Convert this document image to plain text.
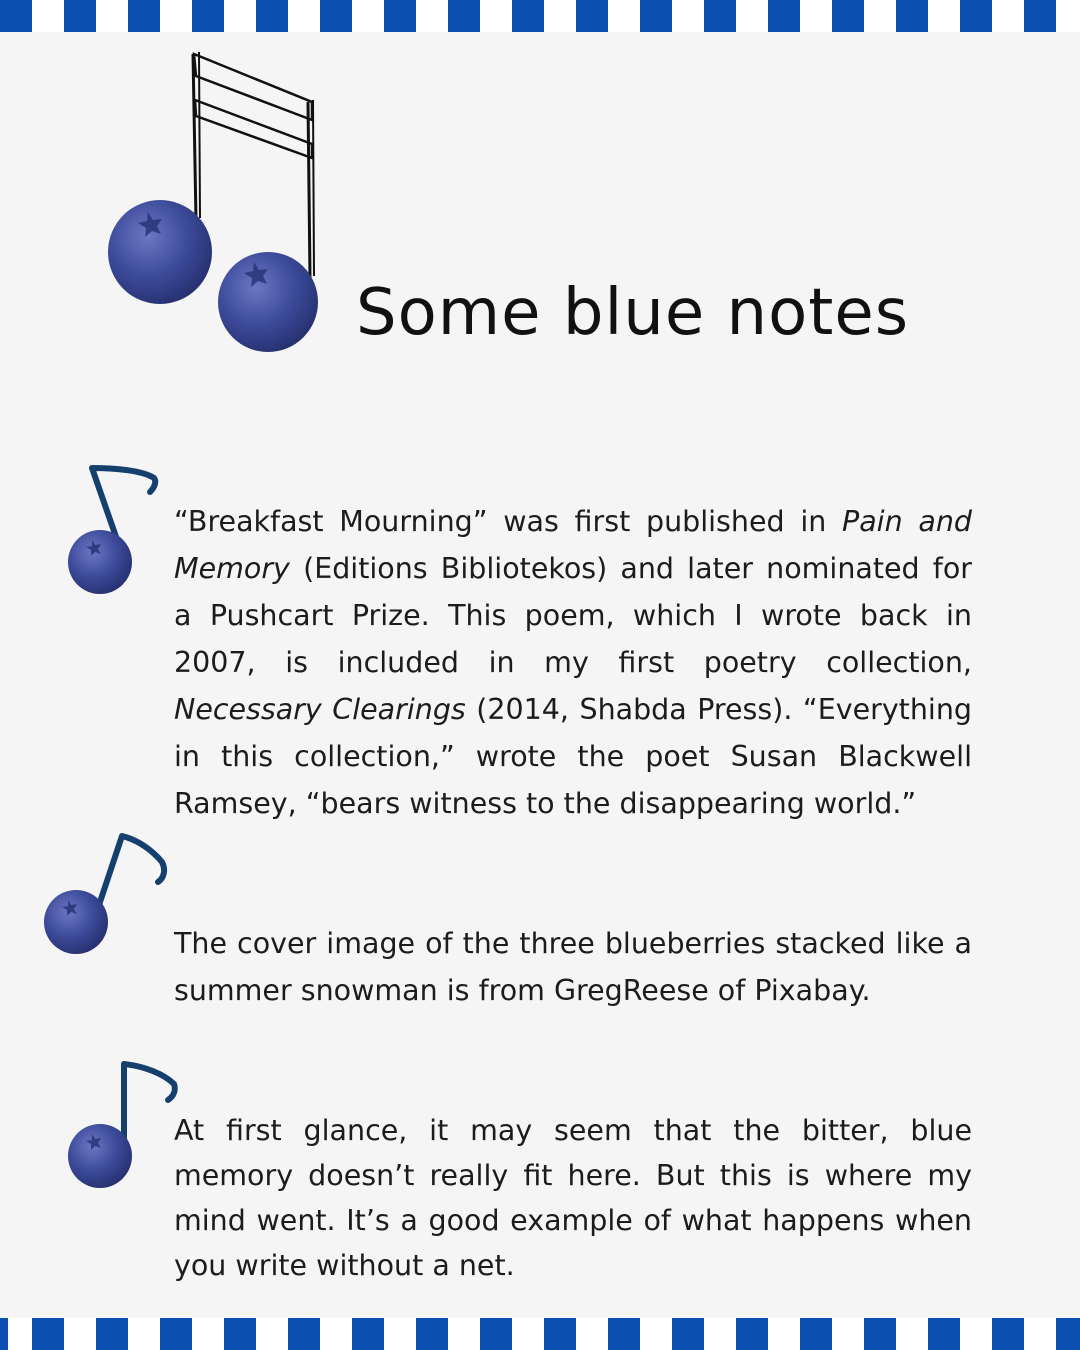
Some blue notes

“Breakfast Mourning” was first published in Pain and Memory (Editions Bibliotekos) and later nominated for a Pushcart Prize. This poem, which I wrote back in 2007, is included in my first poetry collection, Necessary Clearings (2014, Shabda Press). “Everything in this collection,” wrote the poet Susan Blackwell Ramsey, “bears witness to the disappearing world.”

The cover image of the three blueberries stacked like a summer snowman is from GregReese of Pixabay.

At first glance, it may seem that the bitter, blue memory doesn’t really fit here. But this is where my mind went. It’s a good example of what happens when you write without a net.
